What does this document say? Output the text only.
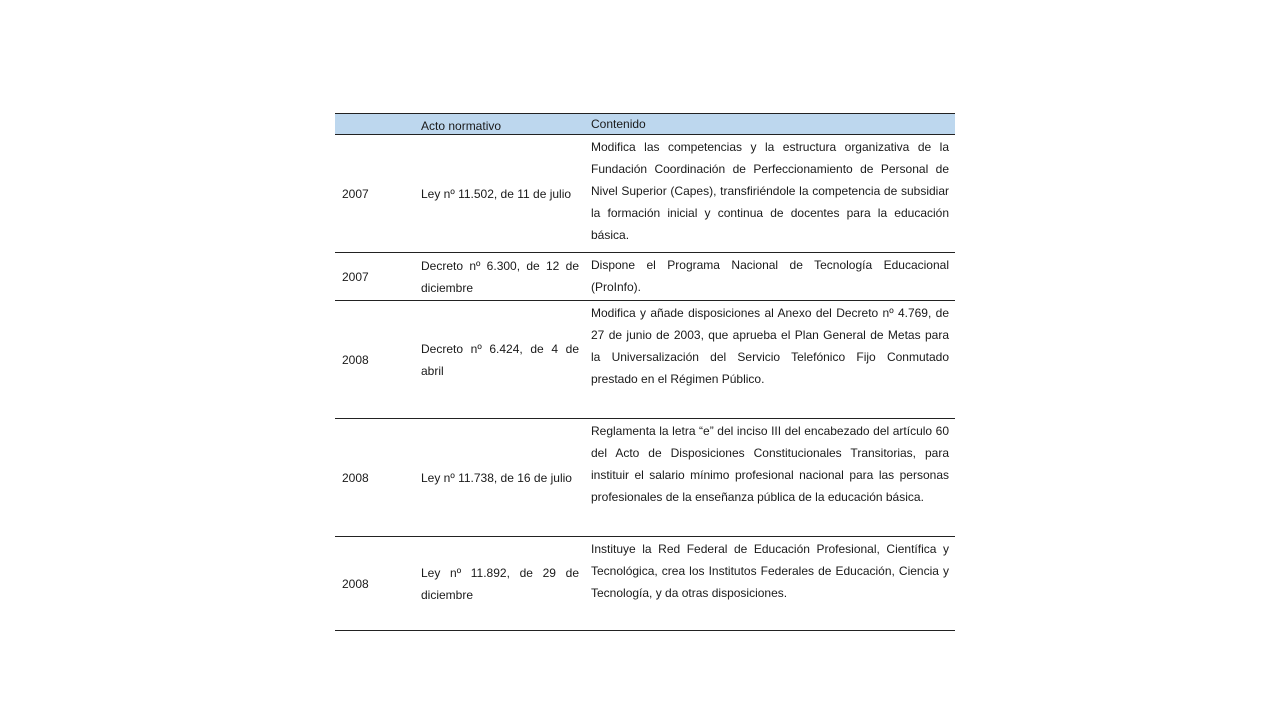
	Acto normativo	Contenido
2007	Ley nº 11.502, de 11 de julio	Modifica las competencias y la estructura organizativa de la Fundación Coordinación de Perfeccionamiento de Personal de Nivel Superior (Capes), transfiriéndole la competencia de subsidiar la formación inicial y continua de docentes para la educación básica.
2007	Decreto nº 6.300, de 12 de diciembre	Dispone el Programa Nacional de Tecnología Educacional (ProInfo).
2008	Decreto nº 6.424, de 4 de abril	Modifica y añade disposiciones al Anexo del Decreto nº 4.769, de 27 de junio de 2003, que aprueba el Plan General de Metas para la Universalización del Servicio Telefónico Fijo Conmutado prestado en el Régimen Público.
2008	Ley nº 11.738, de 16 de julio	Reglamenta la letra “e” del inciso III del encabezado del artículo 60 del Acto de Disposiciones Constitucionales Transitorias, para instituir el salario mínimo profesional nacional para las personas profesionales de la enseñanza pública de la educación básica.
2008	Ley nº 11.892, de 29 de diciembre	Instituye la Red Federal de Educación Profesional, Científica y Tecnológica, crea los Institutos Federales de Educación, Ciencia y Tecnología, y da otras disposiciones.
